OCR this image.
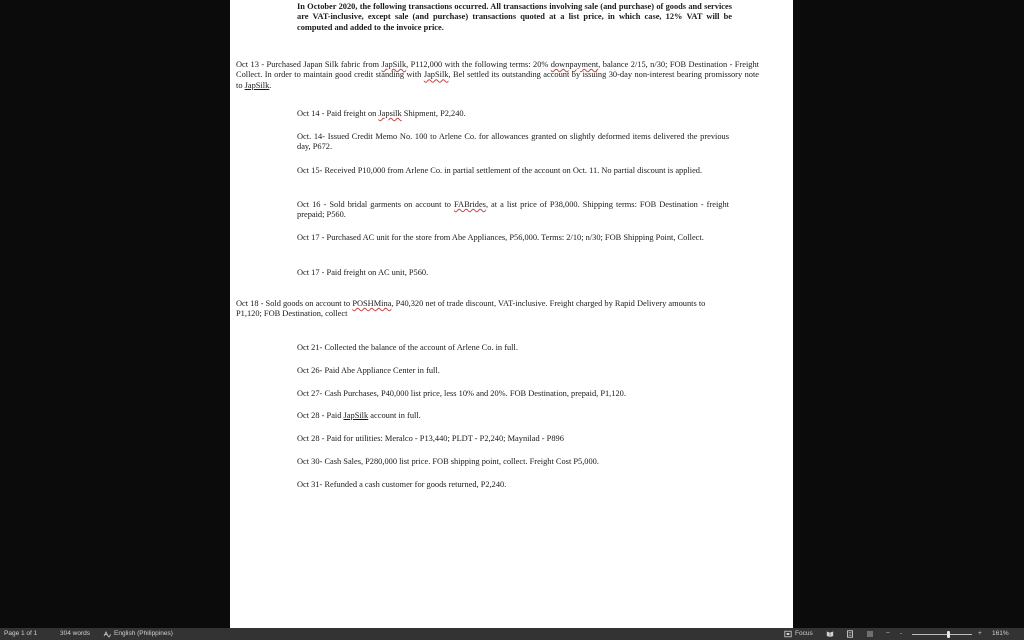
In October 2020, the following transactions occurred. All transactions involving sale (and purchase) of goods and services are VAT-inclusive, except sale (and purchase) transactions quoted at a list price, in which case, 12% VAT will be computed and added to the invoice price.

Oct 13 - Purchased Japan Silk fabric from JapSilk, P112,000 with the following terms: 20% downpayment, balance 2/15, n/30; FOB Destination - Freight Collect. In order to maintain good credit standing with JapSilk, Bel settled its outstanding account by issuing 30-day non-interest bearing promissory note to JapSilk.

Oct 14 - Paid freight on Japsilk Shipment, P2,240.

Oct. 14- Issued Credit Memo No. 100 to Arlene Co. for allowances granted on slightly deformed items delivered the previous day, P672.

Oct 15- Received P10,000 from Arlene Co. in partial settlement of the account on Oct. 11. No partial discount is applied.

Oct 16 - Sold bridal garments on account to FABrides, at a list price of P38,000. Shipping terms: FOB Destination - freight prepaid; P560.

Oct 17 - Purchased AC unit for the store from Abe Appliances, P56,000. Terms: 2/10; n/30; FOB Shipping Point, Collect.

Oct 17 - Paid freight on AC unit, P560.

Oct 18 - Sold goods on account to POSHMina, P40,320 net of trade discount, VAT-inclusive. Freight charged by Rapid Delivery amounts to P1,120; FOB Destination, collect

Oct 21- Collected the balance of the account of Arlene Co. in full.

Oct 26- Paid Abe Appliance Center in full.

Oct 27- Cash Purchases, P40,000 list price, less 10% and 20%. FOB Destination, prepaid, P1,120.

Oct 28 - Paid JapSilk account in full.

Oct 28 - Paid for utilities: Meralco - P13,440; PLDT - P2,240; Maynilad - P896

Oct 30- Cash Sales, P280,000 list price. FOB shipping point, collect. Freight Cost P5,000.

Oct 31- Refunded a cash customer for goods returned, P2,240.

Page 1 of 1	304 words	English (Philippines)	Focus	− -	+ 161%
